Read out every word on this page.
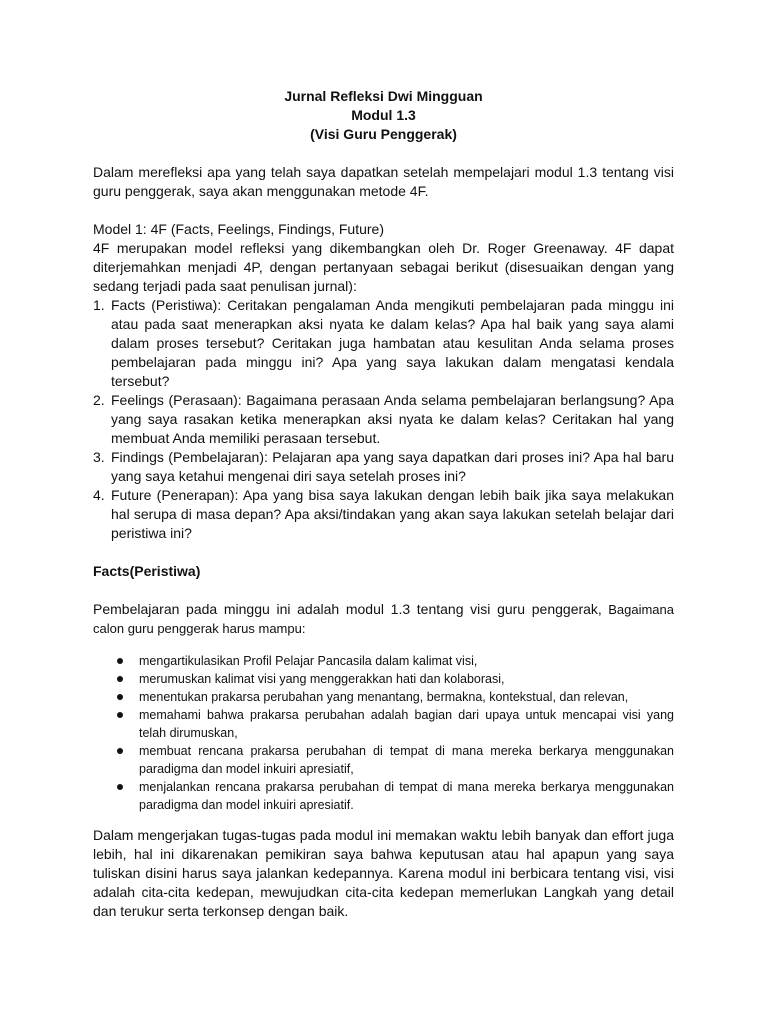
Jurnal Refleksi Dwi Mingguan
Modul 1.3
(Visi Guru Penggerak)

Dalam merefleksi apa yang telah saya dapatkan setelah mempelajari modul 1.3 tentang visi guru penggerak, saya akan menggunakan metode 4F.

Model 1: 4F (Facts, Feelings, Findings, Future)

4F merupakan model refleksi yang dikembangkan oleh Dr. Roger Greenaway. 4F dapat diterjemahkan menjadi 4P, dengan pertanyaan sebagai berikut (disesuaikan dengan yang sedang terjadi pada saat penulisan jurnal):

1. Facts (Peristiwa): Ceritakan pengalaman Anda mengikuti pembelajaran pada minggu ini atau pada saat menerapkan aksi nyata ke dalam kelas? Apa hal baik yang saya alami dalam proses tersebut? Ceritakan juga hambatan atau kesulitan Anda selama proses pembelajaran pada minggu ini? Apa yang saya lakukan dalam mengatasi kendala tersebut?
2. Feelings (Perasaan): Bagaimana perasaan Anda selama pembelajaran berlangsung? Apa yang saya rasakan ketika menerapkan aksi nyata ke dalam kelas? Ceritakan hal yang membuat Anda memiliki perasaan tersebut.
3. Findings (Pembelajaran): Pelajaran apa yang saya dapatkan dari proses ini? Apa hal baru yang saya ketahui mengenai diri saya setelah proses ini?
4. Future (Penerapan): Apa yang bisa saya lakukan dengan lebih baik jika saya melakukan hal serupa di masa depan? Apa aksi/tindakan yang akan saya lakukan setelah belajar dari peristiwa ini?

Facts(Peristiwa)

Pembelajaran pada minggu ini adalah modul 1.3 tentang visi guru penggerak, Bagaimana calon guru penggerak harus mampu:

mengartikulasikan Profil Pelajar Pancasila dalam kalimat visi,
merumuskan kalimat visi yang menggerakkan hati dan kolaborasi,
menentukan prakarsa perubahan yang menantang, bermakna, kontekstual, dan relevan,
memahami bahwa prakarsa perubahan adalah bagian dari upaya untuk mencapai visi yang telah dirumuskan,
membuat rencana prakarsa perubahan di tempat di mana mereka berkarya menggunakan paradigma dan model inkuiri apresiatif,
menjalankan rencana prakarsa perubahan di tempat di mana mereka berkarya menggunakan paradigma dan model inkuiri apresiatif.

Dalam mengerjakan tugas-tugas pada modul ini memakan waktu lebih banyak dan effort juga lebih, hal ini dikarenakan pemikiran saya bahwa keputusan atau hal apapun yang saya tuliskan disini harus saya jalankan kedepannya. Karena modul ini berbicara tentang visi, visi adalah cita-cita kedepan, mewujudkan cita-cita kedepan memerlukan Langkah yang detail dan terukur serta terkonsep dengan baik.
